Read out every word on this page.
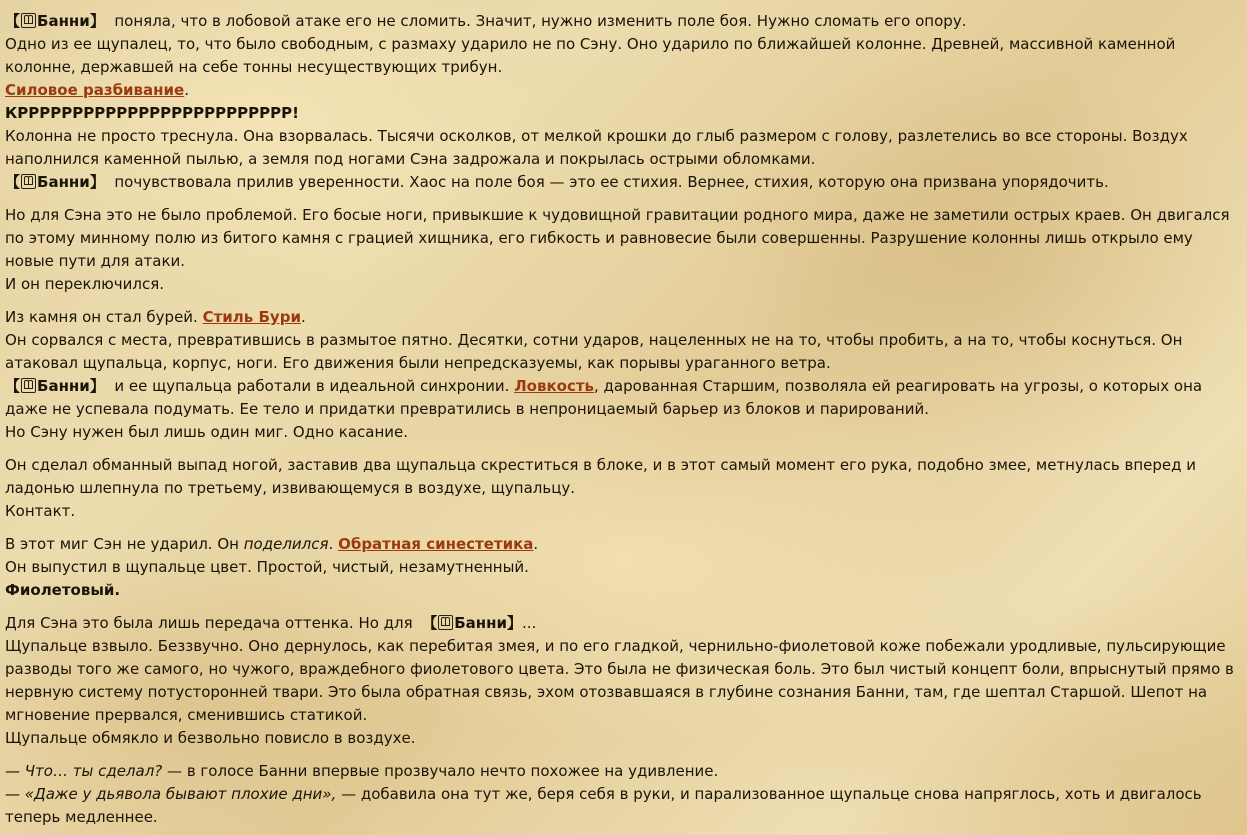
【 Банни】 поняла, что в лобовой атаке его не сломить. Значит, нужно изменить поле боя. Нужно сломать его опору.
Одно из ее щупалец, то, что было свободным, с размаху ударило не по Сэну. Оно ударило по ближайшей колонне. Древней, массивной каменной колонне, державшей на себе тонны несуществующих трибун.
Силовое разбивание.
КРРРРРРРРРРРРРРРРРРРРРРРРР!
Колонна не просто треснула. Она взорвалась. Тысячи осколков, от мелкой крошки до глыб размером с голову, разлетелись во все стороны. Воздух наполнился каменной пылью, а земля под ногами Сэна задрожала и покрылась острыми обломками.
【 Банни】 почувствовала прилив уверенности. Хаос на поле боя — это ее стихия. Вернее, стихия, которую она призвана упорядочить.
Но для Сэна это не было проблемой. Его босые ноги, привыкшие к чудовищной гравитации родного мира, даже не заметили острых краев. Он двигался по этому минному полю из битого камня с грацией хищника, его гибкость и равновесие были совершенны. Разрушение колонны лишь открыло ему новые пути для атаки.
И он переключился.
Из камня он стал бурей. Стиль Бури.
Он сорвался с места, превратившись в размытое пятно. Десятки, сотни ударов, нацеленных не на то, чтобы пробить, а на то, чтобы коснуться. Он атаковал щупальца, корпус, ноги. Его движения были непредсказуемы, как порывы ураганного ветра.
【 Банни】 и ее щупальца работали в идеальной синхронии. Ловкость, дарованная Старшим, позволяла ей реагировать на угрозы, о которых она даже не успевала подумать. Ее тело и придатки превратились в непроницаемый барьер из блоков и парирований.
Но Сэну нужен был лишь один миг. Одно касание.
Он сделал обманный выпад ногой, заставив два щупальца скреститься в блоке, и в этот самый момент его рука, подобно змее, метнулась вперед и ладонью шлепнула по третьему, извивающемуся в воздухе, щупальцу.
Контакт.
В этот миг Сэн не ударил. Он поделился. Обратная синестетика.
Он выпустил в щупальце цвет. Простой, чистый, незамутненный.
Фиолетовый.
Для Сэна это была лишь передача оттенка. Но для 【 Банни】...
Щупальце взвыло. Беззвучно. Оно дернулось, как перебитая змея, и по его гладкой, чернильно-фиолетовой коже побежали уродливые, пульсирующие разводы того же самого, но чужого, враждебного фиолетового цвета. Это была не физическая боль. Это был чистый концепт боли, впрыснутый прямо в нервную систему потусторонней твари. Это была обратная связь, эхом отозвавшаяся в глубине сознания Банни, там, где шептал Старшой. Шепот на мгновение прервался, сменившись статикой.
Щупальце обмякло и безвольно повисло в воздухе.
— Что… ты сделал? — в голосе Банни впервые прозвучало нечто похожее на удивление.
— «Даже у дьявола бывают плохие дни», — добавила она тут же, беря себя в руки, и парализованное щупальце снова напряглось, хоть и двигалось теперь медленнее.
